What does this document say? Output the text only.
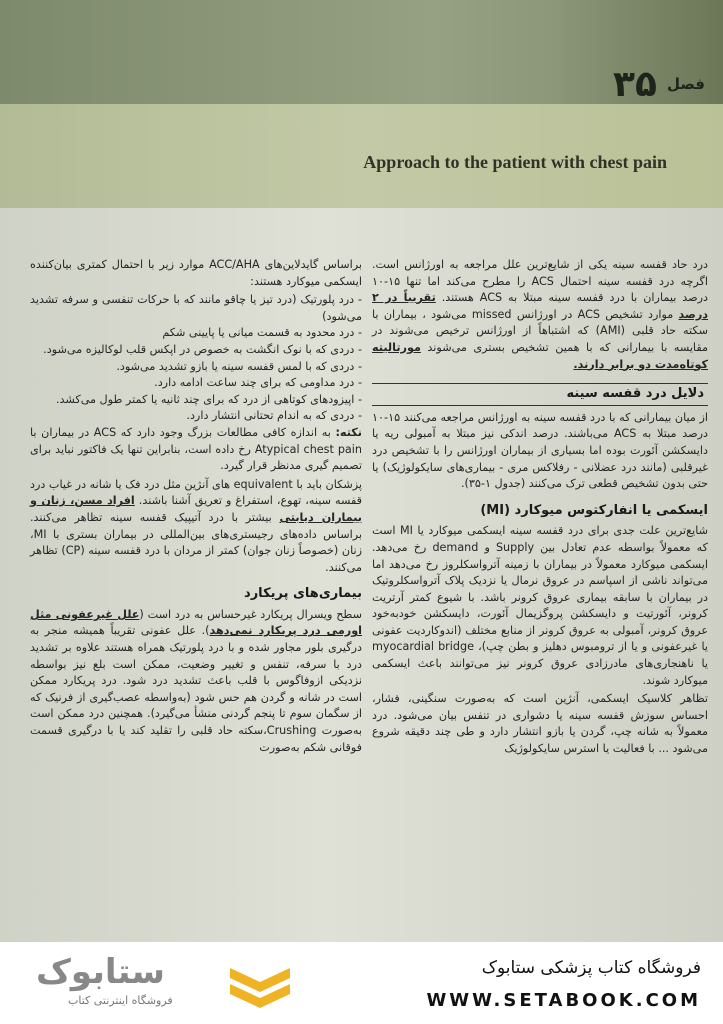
فصل
۳۵
Approach to the patient with chest pain

درد حاد قفسه سینه یکی از شایع‌ترین علل مراجعه به اورژانس است. اگرچه درد قفسه سینه احتمال ACS را مطرح می‌کند اما تنها ۱۵-۱۰ درصد بیماران با درد قفسه سینه مبتلا به ACS هستند. تقریباً در ۲ درصد موارد تشخیص ACS در اورژانس missed می‌شود ، بیماران با سکته حاد قلبی (AMI) که اشتباهاً از اورژانس ترخیص می‌شوند در مقایسه با بیمارانی که با همین تشخیص بستری می‌شوند مورتالیته کوتاه‌مدت دو برابر دارند.

دلایل درد قفسه سینه

از میان بیمارانی که با درد قفسه سینه به اورژانس مراجعه می‌کنند ۱۵-۱۰ درصد مبتلا به ACS می‌باشند. درصد اندکی نیز مبتلا به آمبولی ریه یا دایسکشن آئورت بوده اما بسیاری از بیماران اورژانس را با تشخیص درد غیرقلبی (مانند درد عضلانی - رفلاکس مری - بیماری‌های سایکولوژیک) یا حتی بدون تشخیص قطعی ترک می‌کنند (جدول ۱-۳۵).

ایسکمی یا انفارکتوس میوکارد (MI)

شایع‌ترین علت جدی برای درد قفسه سینه ایسکمی میوکارد یا MI است که معمولاً بواسطه عدم تعادل بین Supply و demand رخ می‌دهد. ایسکمی میوکارد معمولاً در بیماران با زمینه آترواسکلروز رخ می‌دهد اما می‌تواند ناشی از اسپاسم در عروق نرمال یا نزدیک پلاک آترواسکلروتیک در بیماران با سابقه بیماری عروق کرونر باشد. با شیوع کمتر آرتریت کرونر، آئورتیت و دایسکشن پروگزیمال آئورت، دایسکشن خودبه‌خود عروق کرونر، آمبولی به عروق کرونر از منابع مختلف (اندوکاردیت عفونی یا غیرعفونی و یا از ترومبوس دهلیز و بطن چپ)، myocardial bridge یا ناهنجاری‌های مادرزادی عروق کرونر نیز می‌توانند باعث ایسکمی میوکارد شوند.

تظاهر کلاسیک ایسکمی، آنژین است که به‌صورت سنگینی، فشار، احساس سوزش قفسه سینه یا دشواری در تنفس بیان می‌شود. درد معمولاً به شانه چپ، گردن یا بازو انتشار دارد و طی چند دقیقه شروع می‌شود ... با فعالیت یا استرس سایکولوژیک

براساس گایدلاین‌های ACC/AHA موارد زیر با احتمال کمتری بیان‌کننده ایسکمی میوکارد هستند:

- درد پلورتیک (درد تیز یا چاقو مانند که با حرکات تنفسی و سرفه تشدید می‌شود)
- درد محدود به قسمت میانی یا پایینی شکم
- دردی که با نوک انگشت به خصوص در اپکس قلب لوکالیزه می‌شود.
- دردی که با لمس قفسه سینه یا بازو تشدید می‌شود.
- درد مداومی که برای چند ساعت ادامه دارد.
- اپیزودهای کوتاهی از درد که برای چند ثانیه یا کمتر طول می‌کشد.
- دردی که به اندام تحتانی انتشار دارد.

نکته: به اندازه کافی مطالعات بزرگ وجود دارد که ACS در بیماران با Atypical chest pain رخ داده است، بنابراین تنها یک فاکتور نباید برای تصمیم گیری مدنظر قرار گیرد.

پزشکان باید با equivalent های آنژین مثل درد فک یا شانه در غیاب درد قفسه سینه، تهوع، استفراغ و تعریق آشنا باشند. افراد مسن، زنان و بیماران دیابتی بیشتر با درد آتیپیک قفسه سینه تظاهر می‌کنند. براساس داده‌های رجیستری‌های بین‌المللی در بیماران بستری با MI، زنان (خصوصاً زنان جوان) کمتر از مردان با درد قفسه سینه (CP) تظاهر می‌کنند.

بیماری‌های پریکارد

سطح ویسرال پریکارد غیرحساس به درد است (علل غیرعفونی مثل اورمی درد پریکارد نمی‌دهد). علل عفونی تقریباً همیشه منجر به درگیری بلور مجاور شده و با درد پلورتیک همراه هستند علاوه بر تشدید درد با سرفه، تنفس و تغییر وضعیت، ممکن است بلع نیز بواسطه نزدیکی ازوفاگوس با قلب باعث تشدید درد شود. درد پریکارد ممکن است در شانه و گردن هم حس شود (به‌واسطه عصب‌گیری از فرنیک که از سگمان سوم تا پنجم گردنی منشأ می‌گیرد). همچنین درد ممکن است به‌صورت Crushing،سکته حاد قلبی را تقلید کند یا با درگیری قسمت فوقانی شکم به‌صورت

فروشگاه کتاب پزشکی ستابوک
WWW.SETABOOK.COM
ستابوک
فروشگاه اینترنتی کتاب
